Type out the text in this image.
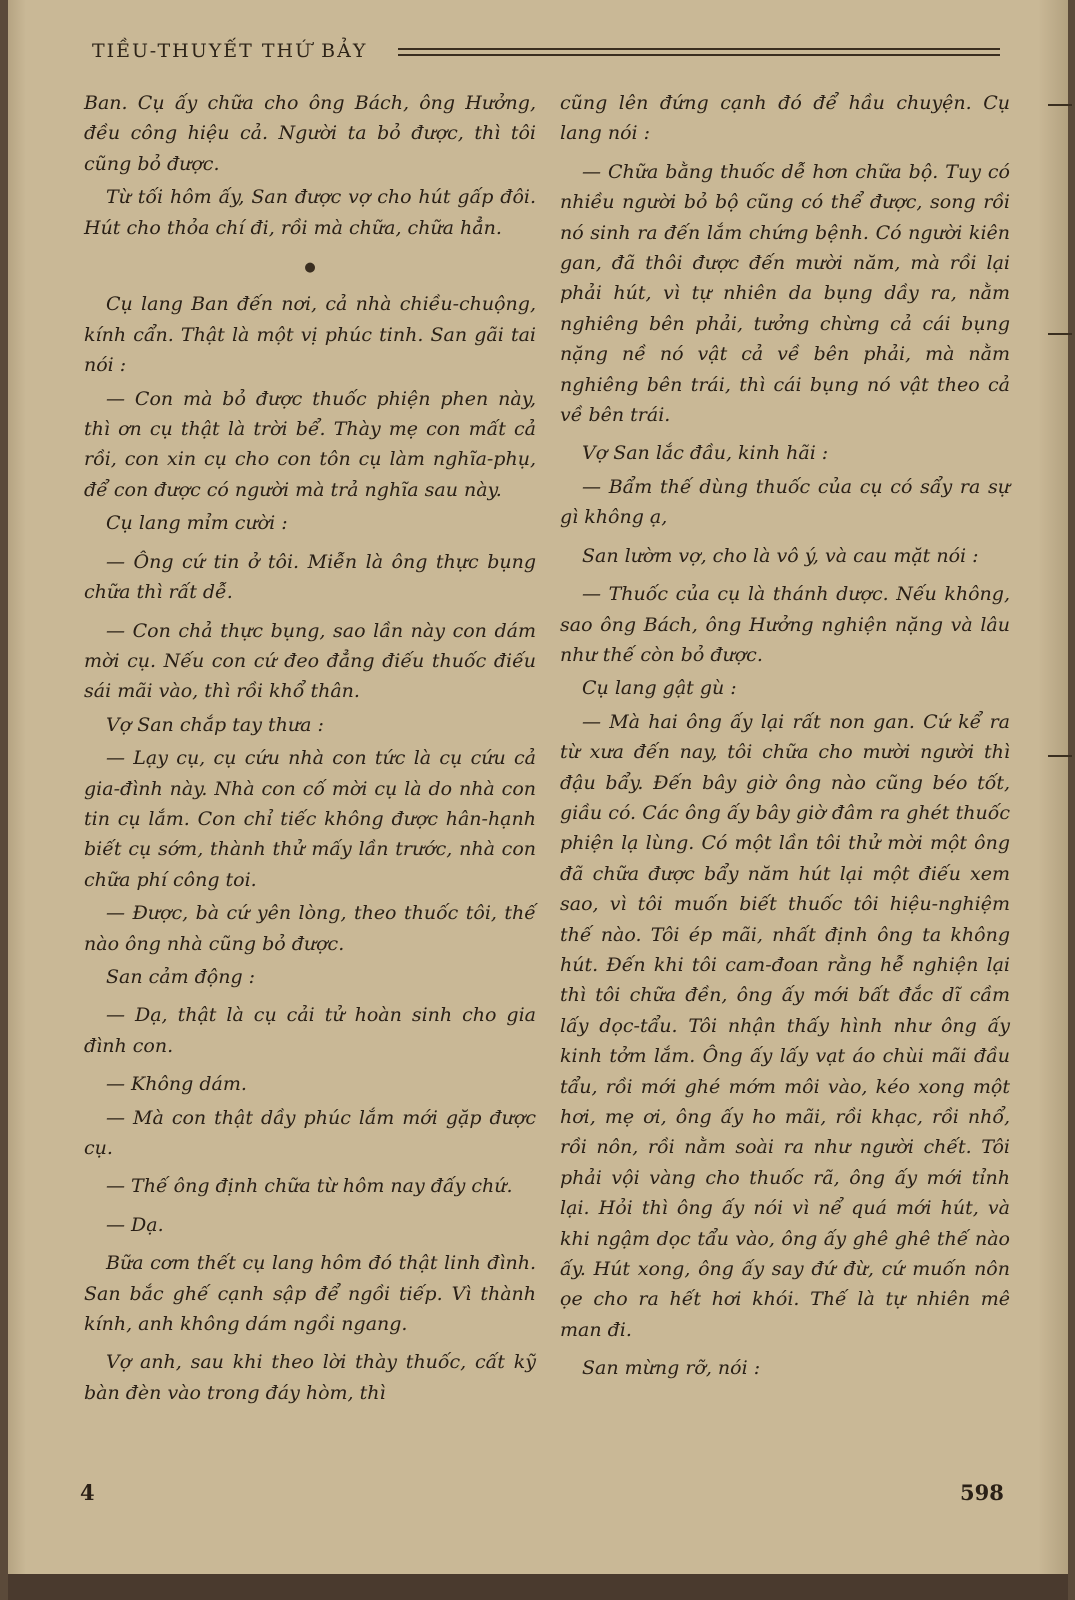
TIỀU-THUYẾT THỨ BẢY

Ban. Cụ ấy chữa cho ông Bách, ông Hưởng, đều công hiệu cả. Người ta bỏ được, thì tôi cũng bỏ được.

Từ tối hôm ấy, San được vợ cho hút gấp đôi. Hút cho thỏa chí đi, rồi mà chữa, chữa hẳn.

●

Cụ lang Ban đến nơi, cả nhà chiều-chuộng, kính cẩn. Thật là một vị phúc tinh. San gãi tai nói :

— Con mà bỏ được thuốc phiện phen này, thì ơn cụ thật là trời bể. Thày mẹ con mất cả rồi, con xin cụ cho con tôn cụ làm nghĩa-phụ, để con được có người mà trả nghĩa sau này.

Cụ lang mỉm cười :

— Ông cứ tin ở tôi. Miễn là ông thực bụng chữa thì rất dễ.

— Con chả thực bụng, sao lần này con dám mời cụ. Nếu con cứ đeo đẳng điếu thuốc điếu sái mãi vào, thì rồi khổ thân.

Vợ San chắp tay thưa :

— Lạy cụ, cụ cứu nhà con tức là cụ cứu cả gia-đình này. Nhà con cố mời cụ là do nhà con tin cụ lắm. Con chỉ tiếc không được hân-hạnh biết cụ sớm, thành thử mấy lần trước, nhà con chữa phí công toi.

— Được, bà cứ yên lòng, theo thuốc tôi, thế nào ông nhà cũng bỏ được.

San cảm động :

— Dạ, thật là cụ cải tử hoàn sinh cho gia đình con.

— Không dám.

— Mà con thật dầy phúc lắm mới gặp được cụ.

— Thế ông định chữa từ hôm nay đấy chứ.

— Dạ.

Bữa cơm thết cụ lang hôm đó thật linh đình. San bắc ghế cạnh sập để ngồi tiếp. Vì thành kính, anh không dám ngồi ngang.

Vợ anh, sau khi theo lời thày thuốc, cất kỹ bàn đèn vào trong đáy hòm, thì

cũng lên đứng cạnh đó để hầu chuyện. Cụ lang nói :

— Chữa bằng thuốc dễ hơn chữa bộ. Tuy có nhiều người bỏ bộ cũng có thể được, song rồi nó sinh ra đến lắm chứng bệnh. Có người kiên gan, đã thôi được đến mười năm, mà rồi lại phải hút, vì tự nhiên da bụng dầy ra, nằm nghiêng bên phải, tưởng chừng cả cái bụng nặng nề nó vật cả về bên phải, mà nằm nghiêng bên trái, thì cái bụng nó vật theo cả về bên trái.

Vợ San lắc đầu, kinh hãi :

— Bẩm thế dùng thuốc của cụ có sẩy ra sự gì không ạ,

San lườm vợ, cho là vô ý, và cau mặt nói :

— Thuốc của cụ là thánh dược. Nếu không, sao ông Bách, ông Hưởng nghiện nặng và lâu như thế còn bỏ được.

Cụ lang gật gù :

— Mà hai ông ấy lại rất non gan. Cứ kể ra từ xưa đến nay, tôi chữa cho mười người thì đậu bẩy. Đến bây giờ ông nào cũng béo tốt, giầu có. Các ông ấy bây giờ đâm ra ghét thuốc phiện lạ lùng. Có một lần tôi thử mời một ông đã chữa được bẩy năm hút lại một điếu xem sao, vì tôi muốn biết thuốc tôi hiệu-nghiệm thế nào. Tôi ép mãi, nhất định ông ta không hút. Đến khi tôi cam-đoan rằng hễ nghiện lại thì tôi chữa đền, ông ấy mới bất đắc dĩ cầm lấy dọc-tẩu. Tôi nhận thấy hình như ông ấy kinh tởm lắm. Ông ấy lấy vạt áo chùi mãi đầu tẩu, rồi mới ghé mớm môi vào, kéo xong một hơi, mẹ ơi, ông ấy ho mãi, rồi khạc, rồi nhổ, rồi nôn, rồi nằm soài ra như người chết. Tôi phải vội vàng cho thuốc rã, ông ấy mới tỉnh lại. Hỏi thì ông ấy nói vì nể quá mới hút, và khi ngậm dọc tẩu vào, ông ấy ghê ghê thế nào ấy. Hút xong, ông ấy say đứ đừ, cứ muốn nôn ọe cho ra hết hơi khói. Thế là tự nhiên mê man đi.

San mừng rỡ, nói :

4	598
